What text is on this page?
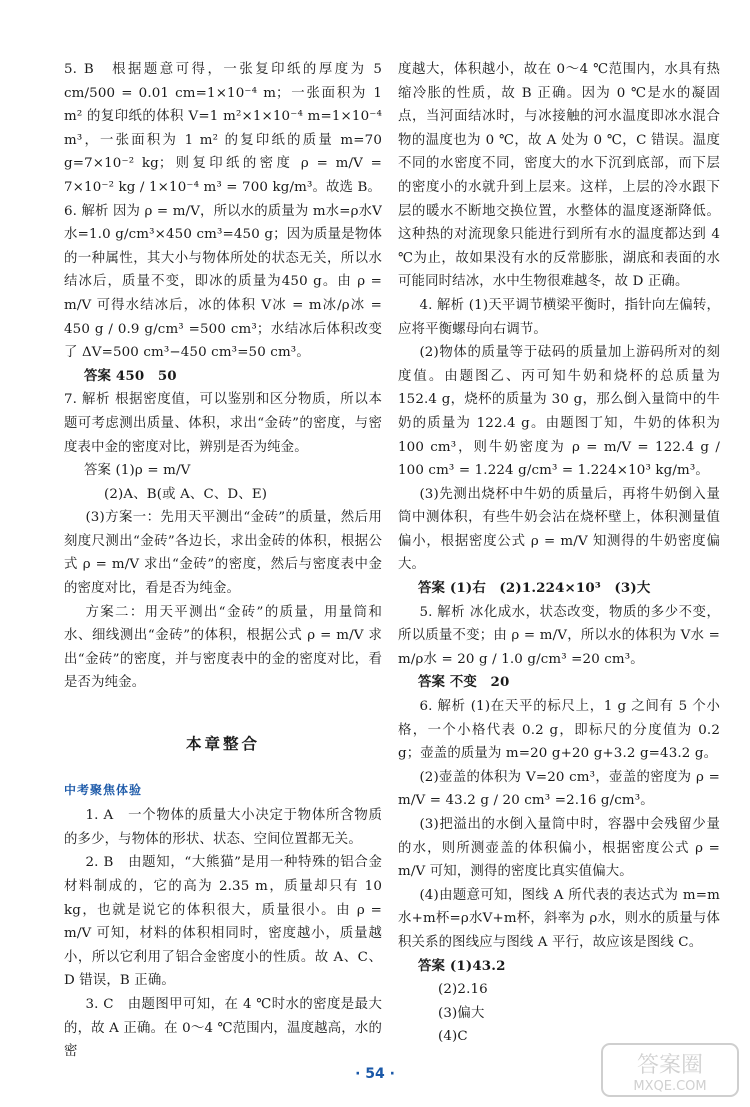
5. B　根据题意可得，一张复印纸的厚度为 5 cm/500 = 0.01 cm=1×10⁻⁴ m；一张面积为 1 m² 的复印纸的体积 V=1 m²×1×10⁻⁴ m=1×10⁻⁴ m³，一张面积为 1 m² 的复印纸的质量 m=70 g=7×10⁻² kg；则复印纸的密度 ρ = m/V = 7×10⁻² kg / 1×10⁻⁴ m³ = 700 kg/m³。故选 B。

6. 解析 因为 ρ = m/V，所以水的质量为 m水=ρ水V水=1.0 g/cm³×450 cm³=450 g；因为质量是物体的一种属性，其大小与物体所处的状态无关，所以水结冰后，质量不变，即冰的质量为450 g。由 ρ = m/V 可得水结冰后，冰的体积 V冰 = m冰/ρ冰 = 450 g / 0.9 g/cm³ =500 cm³；水结冰后体积改变了 ΔV=500 cm³−450 cm³=50 cm³。

答案 450　50

7. 解析 根据密度值，可以鉴别和区分物质，所以本题可考虑测出质量、体积，求出“金砖”的密度，与密度表中金的密度对比，辨别是否为纯金。

答案 (1)ρ = m/V

(2)A、B(或 A、C、D、E)

(3)方案一：先用天平测出“金砖”的质量，然后用刻度尺测出“金砖”各边长，求出金砖的体积，根据公式 ρ = m/V 求出“金砖”的密度，然后与密度表中金的密度对比，看是否为纯金。

方案二：用天平测出“金砖”的质量，用量筒和水、细线测出“金砖”的体积，根据公式 ρ = m/V 求出“金砖”的密度，并与密度表中的金的密度对比，看是否为纯金。

本章整合
中考聚焦体验

1. A　一个物体的质量大小决定于物体所含物质的多少，与物体的形状、状态、空间位置都无关。

2. B　由题知，“大熊猫”是用一种特殊的铝合金材料制成的，它的高为 2.35 m，质量却只有 10 kg，也就是说它的体积很大，质量很小。由 ρ = m/V 可知，材料的体积相同时，密度越小，质量越小，所以它利用了铝合金密度小的性质。故 A、C、D 错误，B 正确。

3. C　由题图甲可知，在 4 ℃时水的密度是最大的，故 A 正确。在 0～4 ℃范围内，温度越高，水的密

度越大，体积越小，故在 0～4 ℃范围内，水具有热缩冷胀的性质，故 B 正确。因为 0 ℃是水的凝固点，当河面结冰时，与冰接触的河水温度即冰水混合物的温度也为 0 ℃，故 A 处为 0 ℃，C 错误。温度不同的水密度不同，密度大的水下沉到底部，而下层的密度小的水就升到上层来。这样，上层的冷水跟下层的暖水不断地交换位置，水整体的温度逐渐降低。这种热的对流现象只能进行到所有水的温度都达到 4 ℃为止，故如果没有水的反常膨胀，湖底和表面的水可能同时结冰，水中生物很难越冬，故 D 正确。

4. 解析 (1)天平调节横梁平衡时，指针向左偏转，应将平衡螺母向右调节。

(2)物体的质量等于砝码的质量加上游码所对的刻度值。由题图乙、丙可知牛奶和烧杯的总质量为 152.4 g，烧杯的质量为 30 g，那么倒入量筒中的牛奶的质量为 122.4 g。由题图丁知，牛奶的体积为 100 cm³，则牛奶密度为 ρ = m/V = 122.4 g / 100 cm³ = 1.224 g/cm³ = 1.224×10³ kg/m³。

(3)先测出烧杯中牛奶的质量后，再将牛奶倒入量筒中测体积，有些牛奶会沾在烧杯壁上，体积测量值偏小，根据密度公式 ρ = m/V 知测得的牛奶密度偏大。

答案 (1)右　(2)1.224×10³　(3)大

5. 解析 冰化成水，状态改变，物质的多少不变，所以质量不变；由 ρ = m/V，所以水的体积为 V水 = m/ρ水 = 20 g / 1.0 g/cm³ =20 cm³。

答案 不变　20

6. 解析 (1)在天平的标尺上，1 g 之间有 5 个小格，一个小格代表 0.2 g，即标尺的分度值为 0.2 g；壶盖的质量为 m=20 g+20 g+3.2 g=43.2 g。

(2)壶盖的体积为 V=20 cm³，壶盖的密度为 ρ = m/V = 43.2 g / 20 cm³ =2.16 g/cm³。

(3)把溢出的水倒入量筒中时，容器中会残留少量的水，则所测壶盖的体积偏小，根据密度公式 ρ = m/V 可知，测得的密度比真实值偏大。

(4)由题意可知，图线 A 所代表的表达式为 m=m水+m杯=ρ水V+m杯，斜率为 ρ水，则水的质量与体积关系的图线应与图线 A 平行，故应该是图线 C。

答案 (1)43.2

(2)2.16

(3)偏大

(4)C

· 54 ·	答案圈
MXQE.COM
